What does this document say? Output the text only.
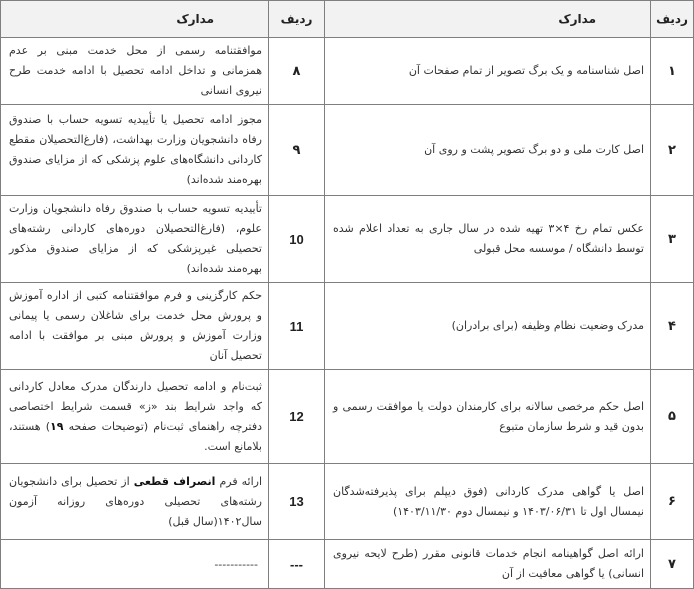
ردیف	مدارک	ردیف	مدارک
۱	اصل شناسنامه و یک برگ تصویر از تمام صفحات آن	۸	موافقتنامه رسمی از محل خدمت مبنی بر عدم همزمانی و تداخل ادامه تحصیل با ادامه خدمت طرح نیروی انسانی
۲	اصل کارت ملی و دو برگ تصویر پشت و روی آن	۹	مجوز ادامه تحصیل یا تأییدیه تسویه حساب با صندوق رفاه دانشجویان وزارت بهداشت، (فارغ‌التحصیلان مقطع کاردانی دانشگاه‌های علوم پزشکی که از مزایای صندوق بهره‌مند شده‌اند)
۳	عکس تمام رخ ۴×۳ تهیه شده در سال جاری به تعداد اعلام شده توسط دانشگاه / موسسه محل قبولی	10	تأییدیه تسویه حساب با صندوق رفاه دانشجویان وزارت علوم، (فارغ‌التحصیلان دوره‌های کاردانی رشته‌های تحصیلی غیرپزشکی که از مزایای صندوق مذکور بهره‌مند شده‌اند)
۴	مدرک وضعیت نظام وظیفه (برای برادران)	11	حکم کارگزینی و فرم موافقتنامه کتبی از اداره آموزش و پرورش محل خدمت برای شاغلان رسمی یا پیمانی وزارت آموزش و پرورش مبنی بر موافقت با ادامه تحصیل آنان
۵	اصل حکم مرخصی سالانه برای کارمندان دولت یا موافقت رسمی و بدون قید و شرط سازمان متبوع	12	ثبت‌نام و ادامه تحصیل دارندگان مدرک معادل کاردانی که واجد شرایط بند «ز» قسمت شرایط اختصاصی دفترچه راهنمای ثبت‌نام (توضیحات صفحه ۱۹) هستند، بلامانع است.
۶	اصل یا گواهی مدرک کاردانی (فوق دیپلم برای پذیرفته‌شدگان نیمسال اول تا ۱۴۰۳/۰۶/۳۱ و نیمسال دوم ۱۴۰۳/۱۱/۳۰)	13	ارائه فرم انصراف قطعی از تحصیل برای دانشجویان رشته‌های تحصیلی دوره‌های روزانه آزمون سال۱۴۰۲(سال قبل)
۷	ارائه اصل گواهینامه انجام خدمات قانونی مقرر (طرح لایحه نیروی انسانی) یا گواهی معافیت از آن	---	-----------
